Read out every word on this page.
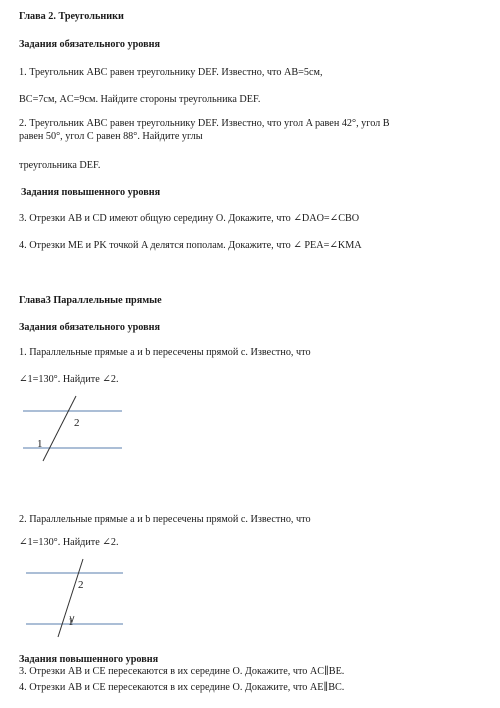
Глава 2. Треугольники
Задания обязательного уровня
1. Треугольник ABC равен треугольнику DEF. Известно, что AB=5см,
BC=7см, AC=9см. Найдите стороны треугольника DEF.
2. Треугольник ABC равен треугольнику DEF. Известно, что угол A равен 42°, угол B
равен 50°, угол C равен 88°. Найдите углы
треугольника DEF.
Задания повышенного уровня
3. Отрезки AB и CD имеют общую середину O. Докажите, что ∠DAO=∠CBO
4. Отрезки ME и PK точкой A делятся пополам. Докажите, что ∠ PEA=∠KMA
Глава3 Параллельные прямые
Задания обязательного уровня
1. Параллельные прямые a и b пересечены прямой c. Известно, что
∠1=130°. Найдите ∠2.
2
1
2
1
2. Параллельные прямые a и b пересечены прямой c. Известно, что
∠1=130°. Найдите ∠2.
Задания повышенного уровня
3. Отрезки AB и CE пересекаются в их середине O. Докажите, что AC∥BE.
4. Отрезки AB и CE пересекаются в их середине O. Докажите, что AE∥BC.
